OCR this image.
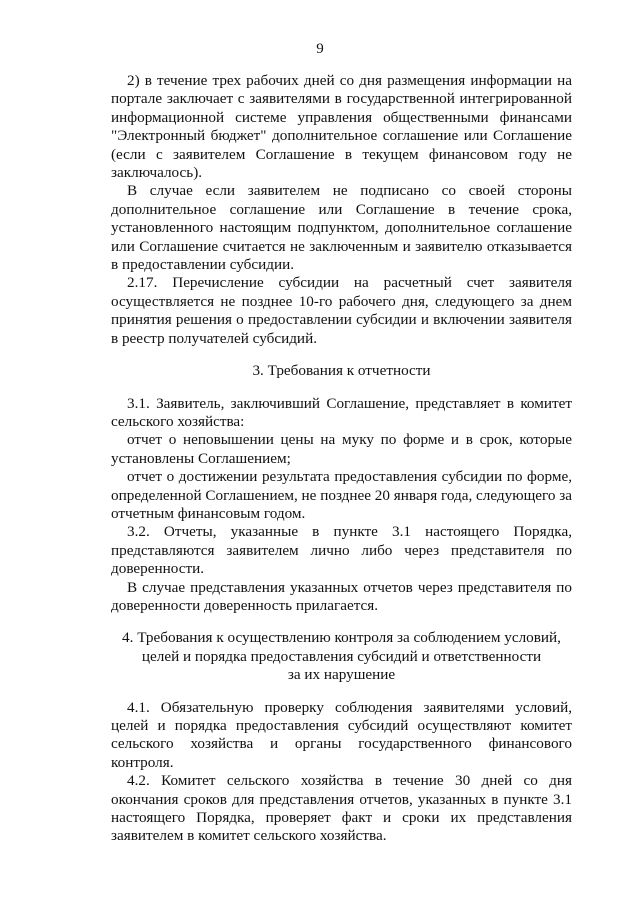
9

2) в течение трех рабочих дней со дня размещения информации на портале заключает с заявителями в государственной интегрированной информационной системе управления общественными финансами "Электронный бюджет" дополнительное соглашение или Соглашение (если с заявителем Соглашение в текущем финансовом году не заключалось).

В случае если заявителем не подписано со своей стороны дополнительное соглашение или Соглашение в течение срока, установленного настоящим подпунктом, дополнительное соглашение или Соглашение считается не заключенным и заявителю отказывается в предоставлении субсидии.

2.17. Перечисление субсидии на расчетный счет заявителя осуществляется не позднее 10-го рабочего дня, следующего за днем принятия решения о предоставлении субсидии и включении заявителя в реестр получателей субсидий.

3. Требования к отчетности

3.1. Заявитель, заключивший Соглашение, представляет в комитет сельского хозяйства:

отчет о неповышении цены на муку по форме и в срок, которые установлены Соглашением;

отчет о достижении результата предоставления субсидии по форме, определенной Соглашением, не позднее 20 января года, следующего за отчетным финансовым годом.

3.2. Отчеты, указанные в пункте 3.1 настоящего Порядка, представляются заявителем лично либо через представителя по доверенности.

В случае представления указанных отчетов через представителя по доверенности доверенность прилагается.

4. Требования к осуществлению контроля за соблюдением условий,

целей и порядка предоставления субсидий и ответственности

за их нарушение

4.1. Обязательную проверку соблюдения заявителями условий, целей и порядка предоставления субсидий осуществляют комитет сельского хозяйства и органы государственного финансового контроля.

4.2. Комитет сельского хозяйства в течение 30 дней со дня окончания сроков для представления отчетов, указанных в пункте 3.1 настоящего Порядка, проверяет факт и сроки их представления заявителем в комитет сельского хозяйства.
